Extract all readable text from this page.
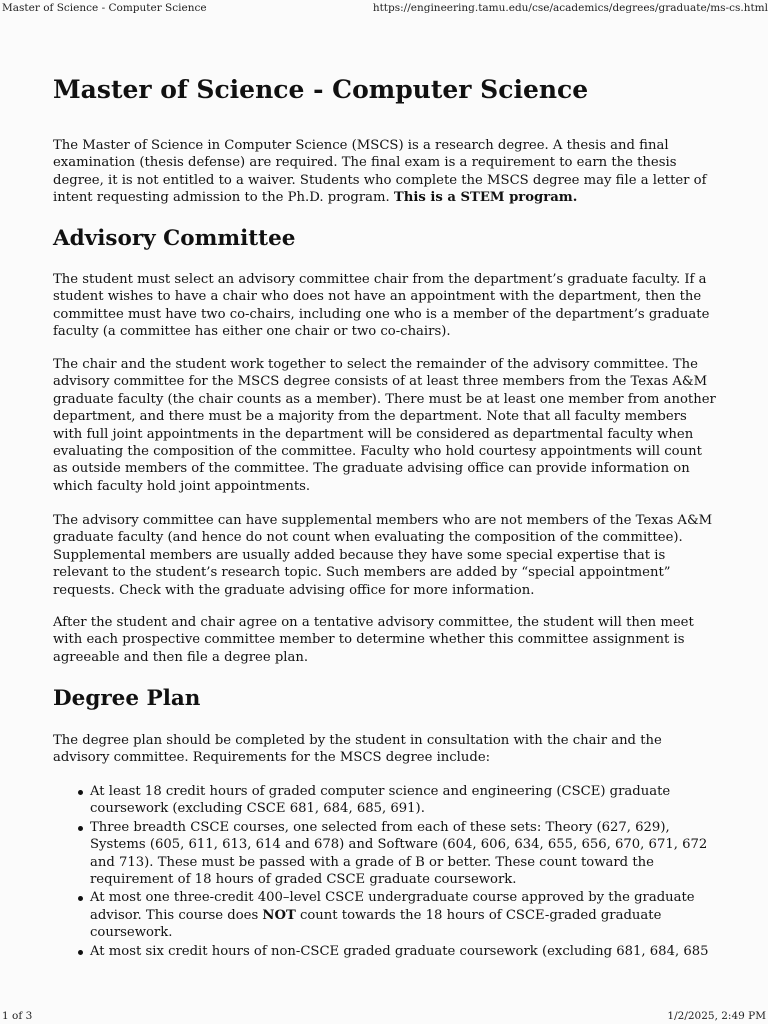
Master of Science - Computer Science	https://engineering.tamu.edu/cse/academics/degrees/graduate/ms-cs.html
Master of Science - Computer Science

The Master of Science in Computer Science (MSCS) is a research degree. A thesis and final examination (thesis defense) are required. The final exam is a requirement to earn the thesis degree, it is not entitled to a waiver. Students who complete the MSCS degree may file a letter of intent requesting admission to the Ph.D. program. This is a STEM program.

Advisory Committee

The student must select an advisory committee chair from the department’s graduate faculty. If a student wishes to have a chair who does not have an appointment with the department, then the committee must have two co-chairs, including one who is a member of the department’s graduate faculty (a committee has either one chair or two co-chairs).

The chair and the student work together to select the remainder of the advisory committee. The advisory committee for the MSCS degree consists of at least three members from the Texas A&M graduate faculty (the chair counts as a member). There must be at least one member from another department, and there must be a majority from the department. Note that all faculty members with full joint appointments in the department will be considered as departmental faculty when evaluating the composition of the committee. Faculty who hold courtesy appointments will count as outside members of the committee. The graduate advising office can provide information on which faculty hold joint appointments.

The advisory committee can have supplemental members who are not members of the Texas A&M graduate faculty (and hence do not count when evaluating the composition of the committee). Supplemental members are usually added because they have some special expertise that is relevant to the student’s research topic. Such members are added by “special appointment” requests. Check with the graduate advising office for more information.

After the student and chair agree on a tentative advisory committee, the student will then meet with each prospective committee member to determine whether this committee assignment is agreeable and then file a degree plan.

Degree Plan

The degree plan should be completed by the student in consultation with the chair and the advisory committee. Requirements for the MSCS degree include:

At least 18 credit hours of graded computer science and engineering (CSCE) graduate coursework (excluding CSCE 681, 684, 685, 691).
Three breadth CSCE courses, one selected from each of these sets: Theory (627, 629), Systems (605, 611, 613, 614 and 678) and Software (604, 606, 634, 655, 656, 670, 671, 672 and 713). These must be passed with a grade of B or better. These count toward the requirement of 18 hours of graded CSCE graduate coursework.
At most one three-credit 400–level CSCE undergraduate course approved by the graduate advisor. This course does NOT count towards the 18 hours of CSCE-graded graduate coursework.
At most six credit hours of non-CSCE graded graduate coursework (excluding 681, 684, 685
1 of 3	1/2/2025, 2:49 PM
